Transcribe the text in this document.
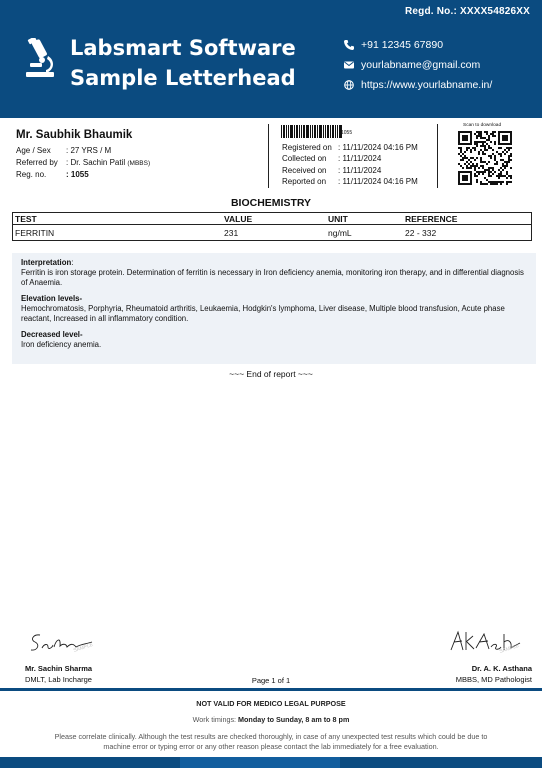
Regd. No.: XXXX54826XX
Labsmart Software
Sample Letterhead
+91 12345 67890
yourlabname@gmail.com
https://www.yourlabname.in/
Mr. Saubhik Bhaumik
Age / Sex	: 27 YRS / M
Referred by	: Dr. Sachin Patil (MBBS)
Reg. no.	: 1055
1055
Registered on : 11/11/2024 04:16 PM
Collected on	: 11/11/2024
Received on	: 11/11/2024
Reported on	: 11/11/2024 04:16 PM
Scan to download
BIOCHEMISTRY
TEST	VALUE	UNIT	REFERENCE
FERRITIN	231	ng/mL	22 - 332
Interpretation:
Ferritin is iron storage protein. Determination of ferritin is necessary in Iron deficiency anemia, monitoring iron therapy, and in differential diagnosis of Anaemia.
Elevation levels-
Hemochromatosis, Porphyria, Rheumatoid arthritis, Leukaemia, Hodgkin's lymphoma, Liver disease, Multiple blood transfusion, Acute phase reactant, Increased in all inflammatory condition.
Decreased level-
Iron deficiency anemia.
~~~ End of report ~~~
SAMPLE	SAMPLE
Mr. Sachin Sharma
DMLT, Lab Incharge
Dr. A. K. Asthana
MBBS, MD Pathologist
Page 1 of 1
NOT VALID FOR MEDICO LEGAL PURPOSE
Work timings: Monday to Sunday, 8 am to 8 pm
Please correlate clinically. Although the test results are checked thoroughly, in case of any unexpected test results which could be due to machine error or typing error or any other reason please contact the lab immediately for a free evaluation.
